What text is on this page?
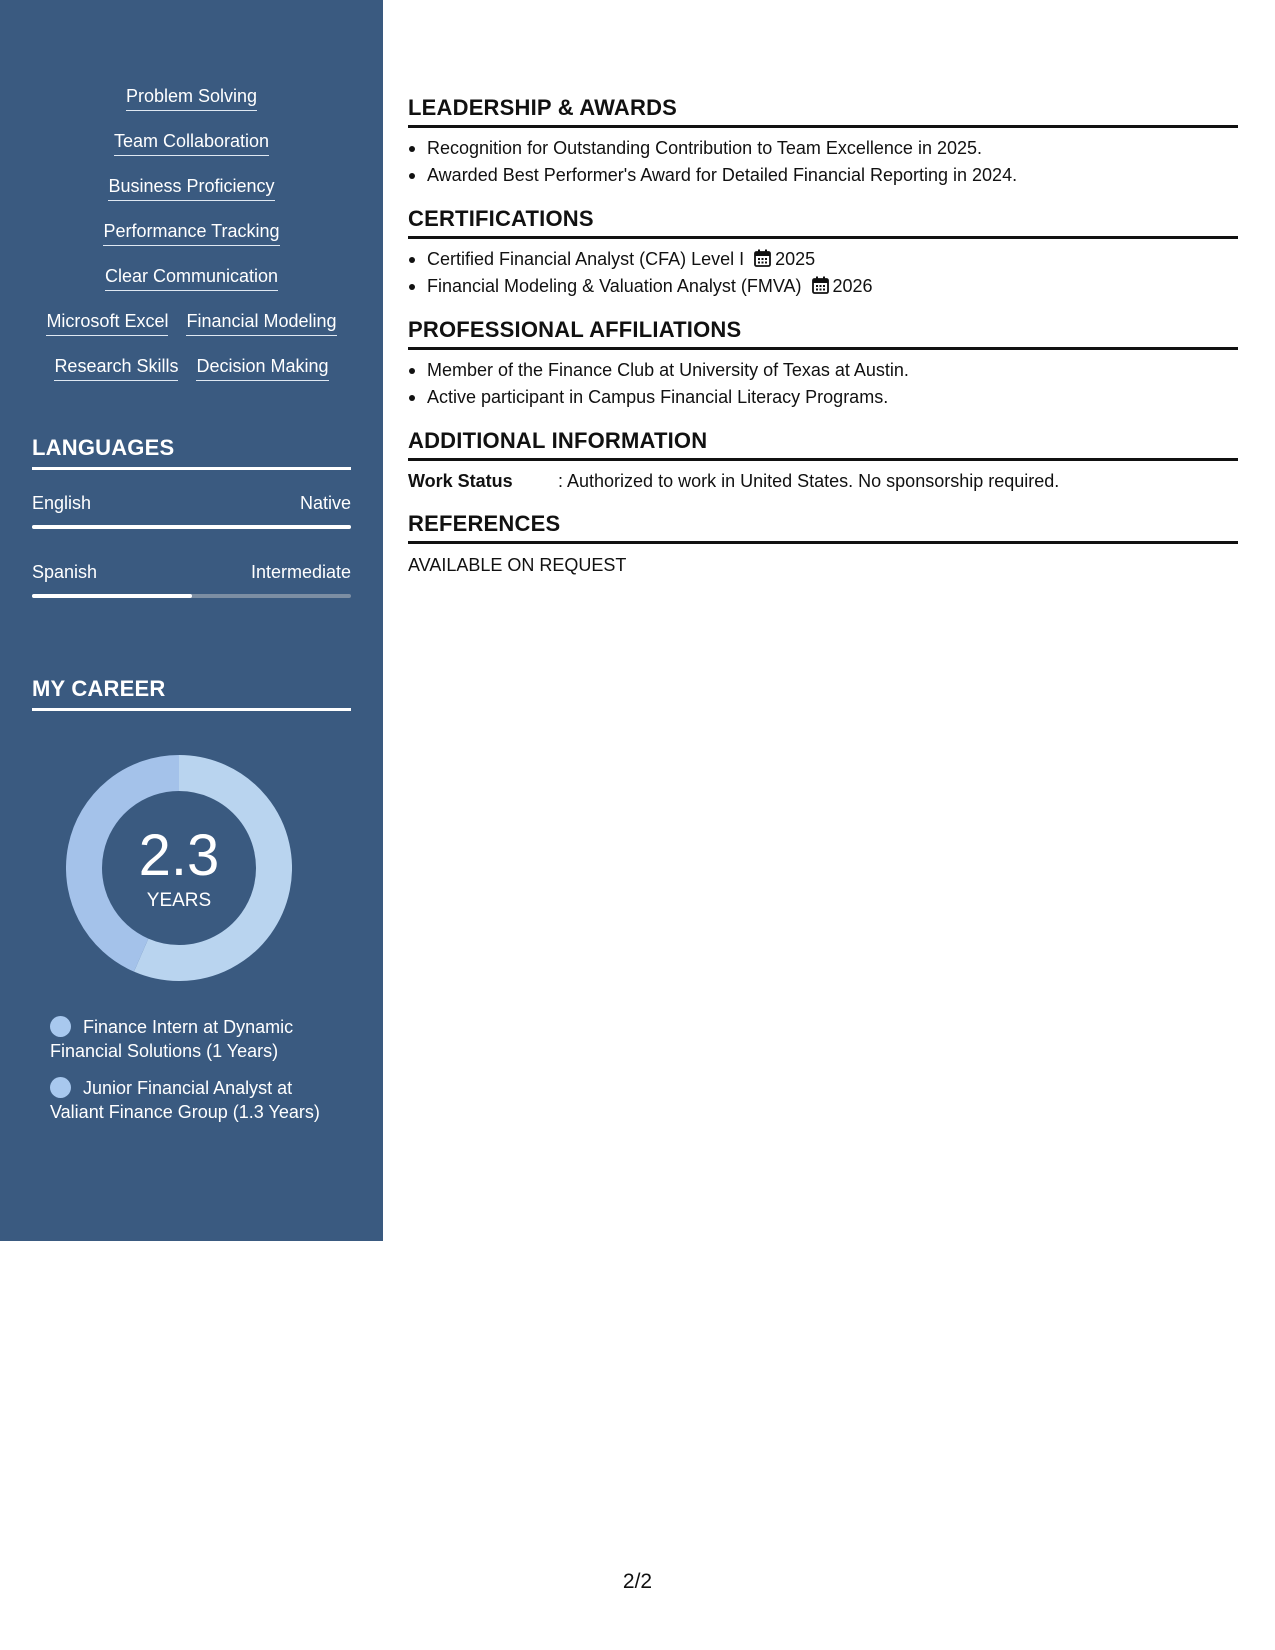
Problem Solving
Team Collaboration
Business Proficiency
Performance Tracking
Clear Communication
Microsoft Excel Financial Modeling
Research Skills Decision Making
LANGUAGES
English	Native
Spanish	Intermediate
MY CAREER
2.3
YEARS
Finance Intern at Dynamic Financial Solutions (1 Years)
Junior Financial Analyst at Valiant Finance Group (1.3 Years)
LEADERSHIP & AWARDS
Recognition for Outstanding Contribution to Team Excellence in 2025.
Awarded Best Performer's Award for Detailed Financial Reporting in 2024.
CERTIFICATIONS
Certified Financial Analyst (CFA) Level I 2025
Financial Modeling & Valuation Analyst (FMVA) 2026
PROFESSIONAL AFFILIATIONS
Member of the Finance Club at University of Texas at Austin.
Active participant in Campus Financial Literacy Programs.
ADDITIONAL INFORMATION
Work Status	: Authorized to work in United States. No sponsorship required.
REFERENCES
AVAILABLE ON REQUEST
2/2
